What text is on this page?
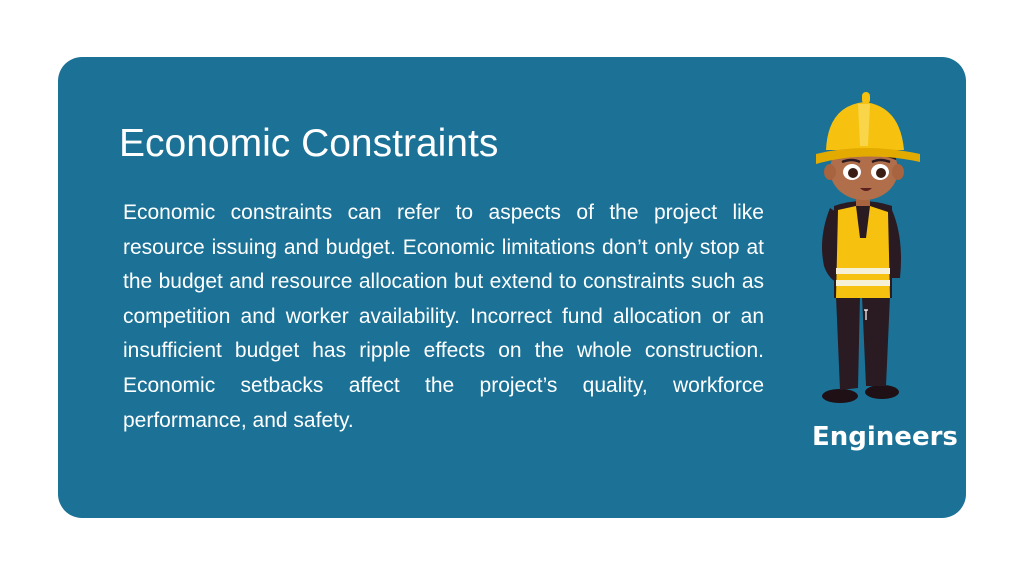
Economic Constraints

Economic constraints can refer to aspects of the project like resource issuing and budget. Economic limitations don’t only stop at the budget and resource allocation but extend to constraints such as competition and worker availability. Incorrect fund allocation or an insufficient budget has ripple effects on the whole construction. Economic setbacks affect the project’s quality, workforce performance, and safety.

Engineers
